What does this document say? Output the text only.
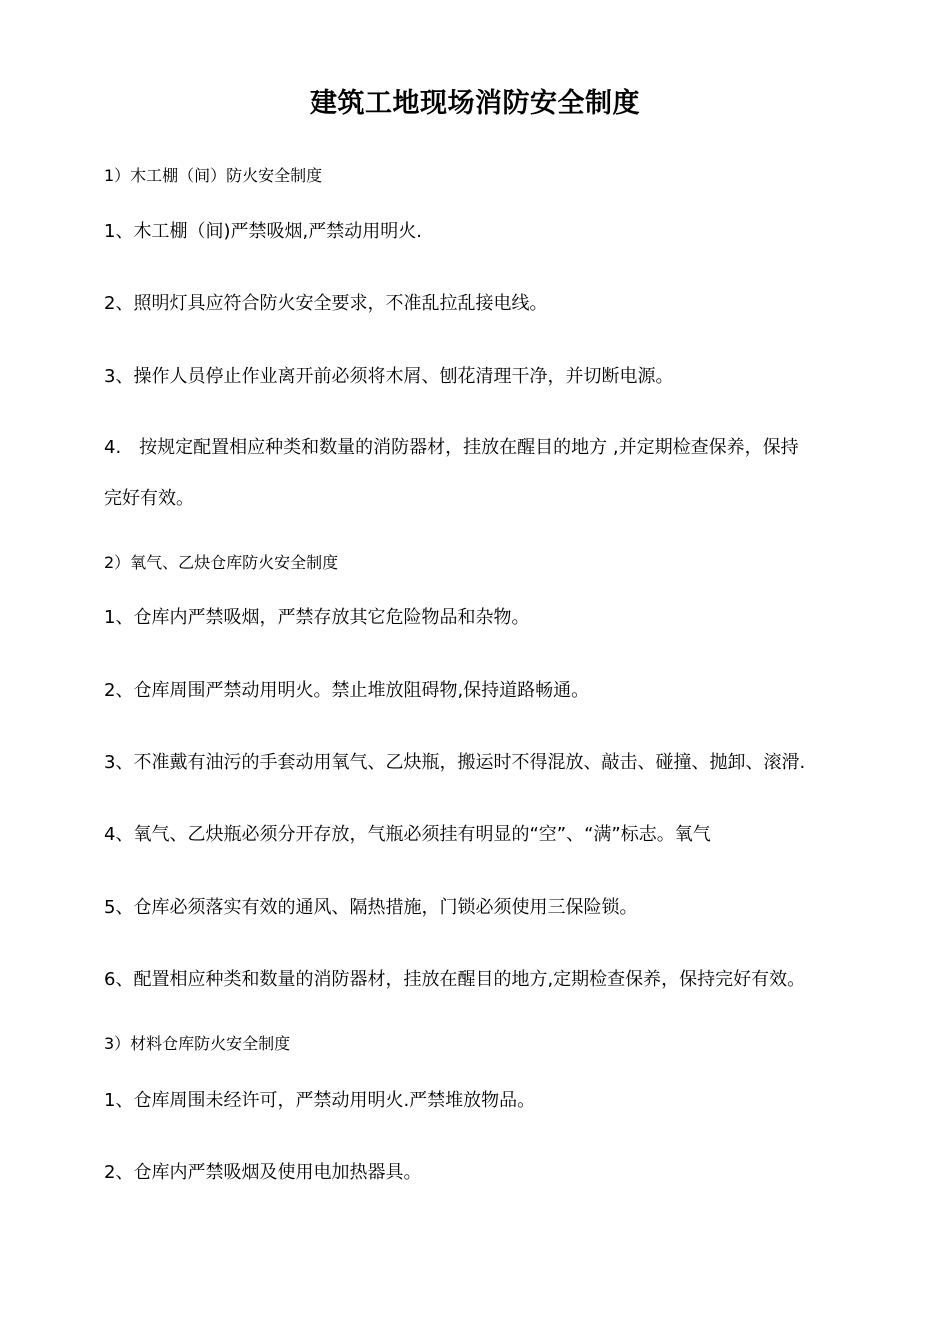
建筑工地现场消防安全制度
1）木工棚（间）防火安全制度
1、木工棚（间)严禁吸烟,严禁动用明火.
2、照明灯具应符合防火安全要求，不准乱拉乱接电线。
3、操作人员停止作业离开前必须将木屑、刨花清理干净，并切断电源。
4.　按规定配置相应种类和数量的消防器材，挂放在醒目的地方 ,并定期检查保养，保持
完好有效。
2）氧气、乙炔仓库防火安全制度
1、仓库内严禁吸烟，严禁存放其它危险物品和杂物。
2、仓库周围严禁动用明火。禁止堆放阻碍物,保持道路畅通。
3、不准戴有油污的手套动用氧气、乙炔瓶，搬运时不得混放、敲击、碰撞、抛卸、滚滑.
4、氧气、乙炔瓶必须分开存放，气瓶必须挂有明显的“空”、“满”标志。氧气
5、仓库必须落实有效的通风、隔热措施，门锁必须使用三保险锁。
6、配置相应种类和数量的消防器材，挂放在醒目的地方,定期检查保养，保持完好有效。
3）材料仓库防火安全制度
1、仓库周围未经许可，严禁动用明火.严禁堆放物品。
2、仓库内严禁吸烟及使用电加热器具。
